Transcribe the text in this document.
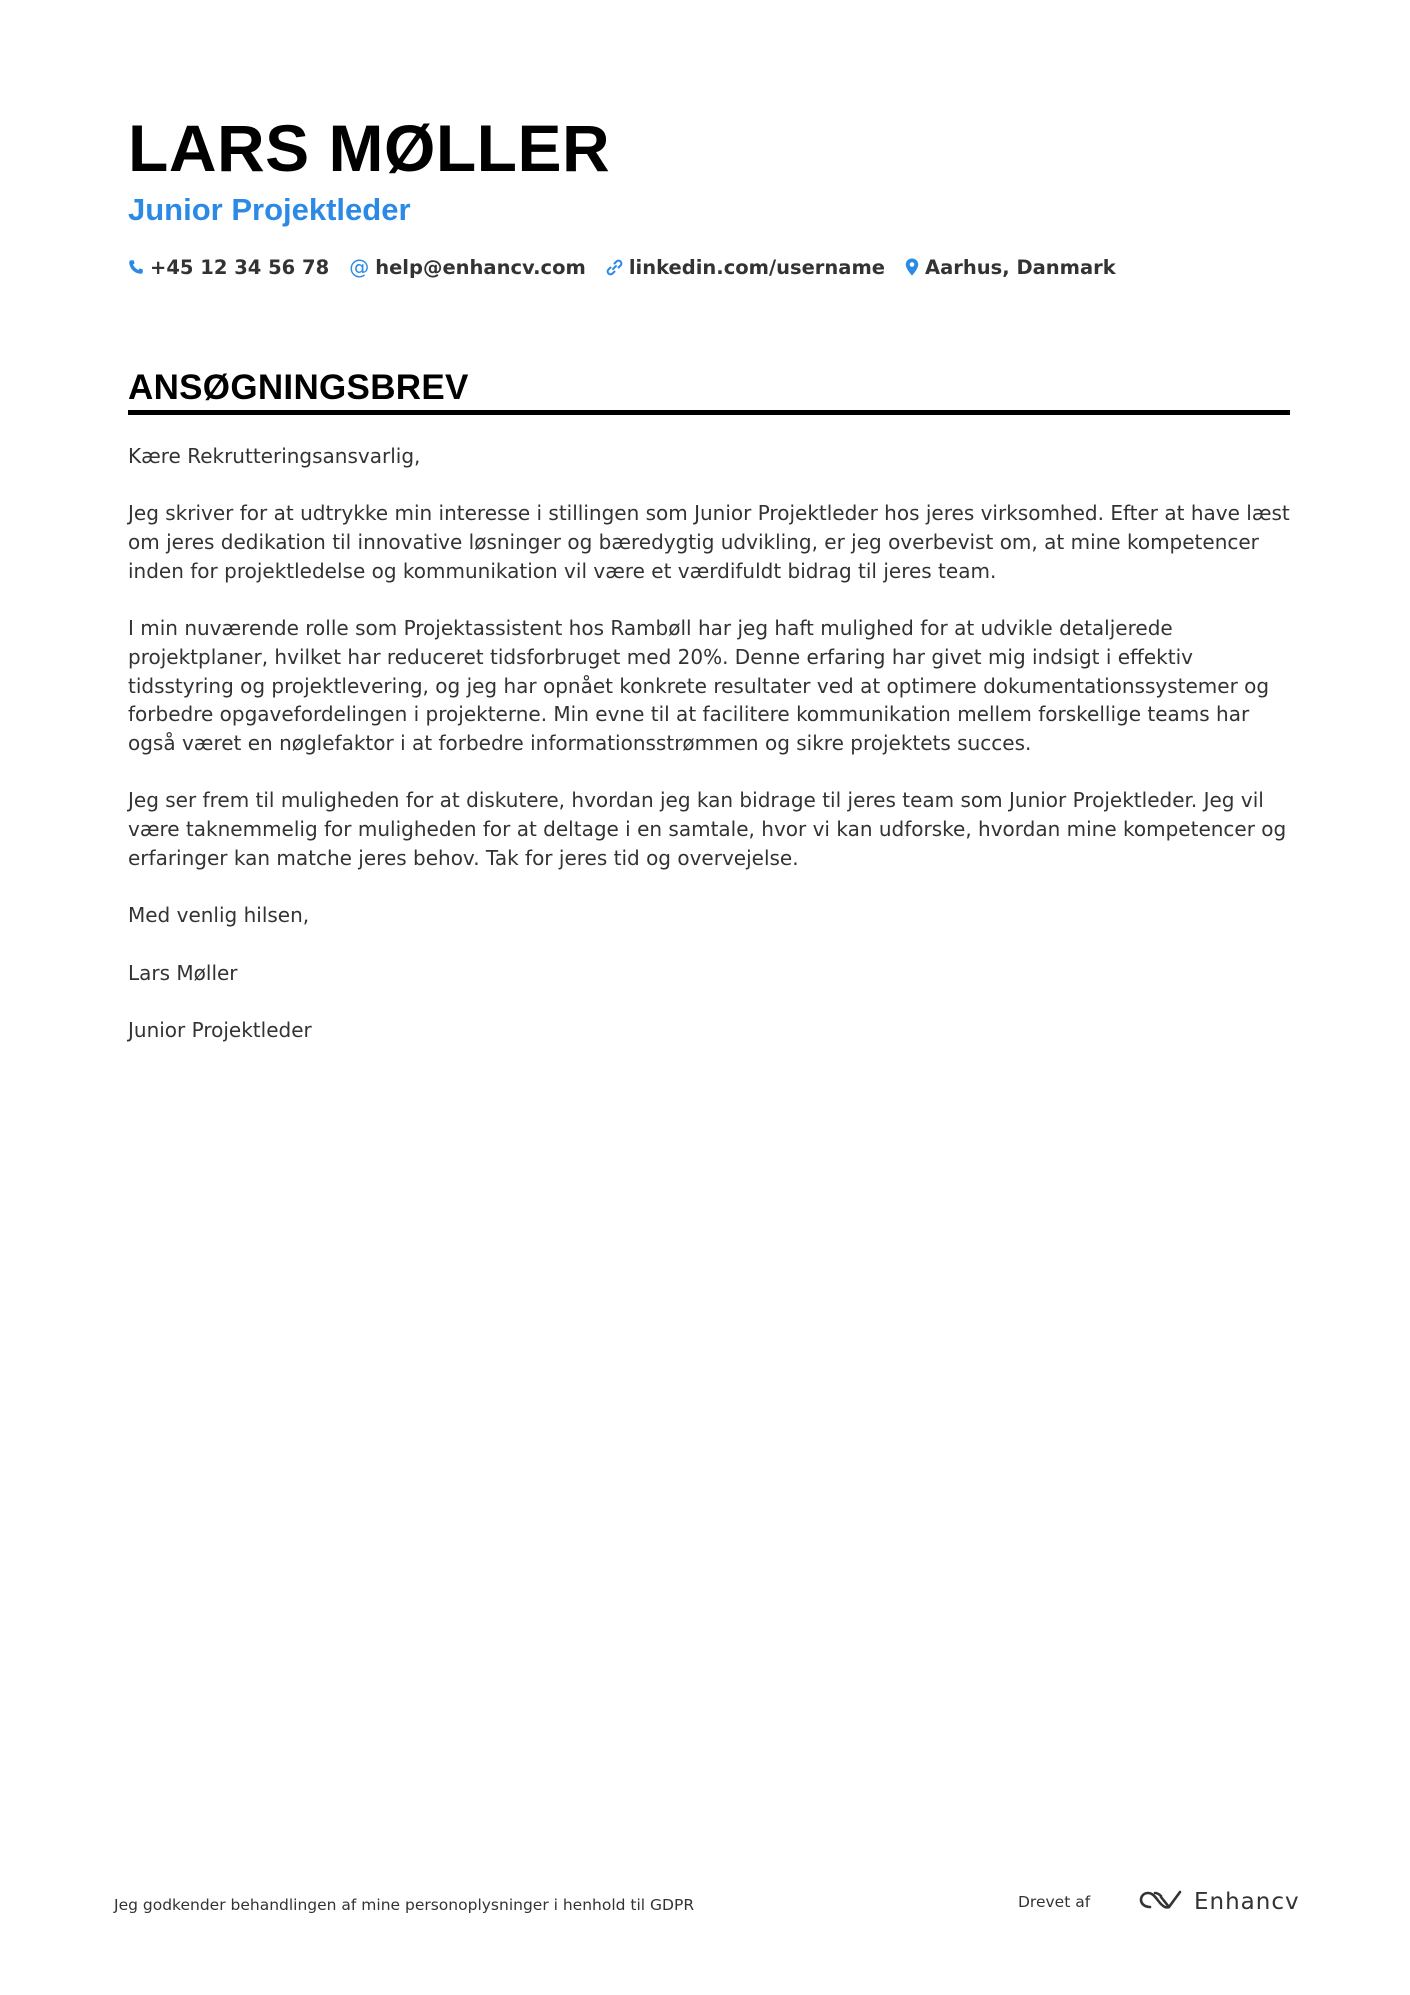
LARS MØLLER
Junior Projektleder
+45 12 34 56 78 @ help@enhancv.com linkedin.com/username Aarhus, Danmark
ANSØGNINGSBREV

Kære Rekrutteringsansvarlig,

Jeg skriver for at udtrykke min interesse i stillingen som Junior Projektleder hos jeres virksomhed. Efter at have læst om jeres dedikation til innovative løsninger og bæredygtig udvikling, er jeg overbevist om, at mine kompetencer inden for projektledelse og kommunikation vil være et værdifuldt bidrag til jeres team.

I min nuværende rolle som Projektassistent hos Rambøll har jeg haft mulighed for at udvikle detaljerede projektplaner, hvilket har reduceret tidsforbruget med 20%. Denne erfaring har givet mig indsigt i effektiv tidsstyring og projektlevering, og jeg har opnået konkrete resultater ved at optimere dokumentationssystemer og forbedre opgavefordelingen i projekterne. Min evne til at facilitere kommunikation mellem forskellige teams har også været en nøglefaktor i at forbedre informationsstrømmen og sikre projektets succes.

Jeg ser frem til muligheden for at diskutere, hvordan jeg kan bidrage til jeres team som Junior Projektleder. Jeg vil være taknemmelig for muligheden for at deltage i en samtale, hvor vi kan udforske, hvordan mine kompetencer og erfaringer kan matche jeres behov. Tak for jeres tid og overvejelse.

Med venlig hilsen,

Lars Møller

Junior Projektleder

Jeg godkender behandlingen af mine personoplysninger i henhold til GDPR	Drevet af	Enhancv
